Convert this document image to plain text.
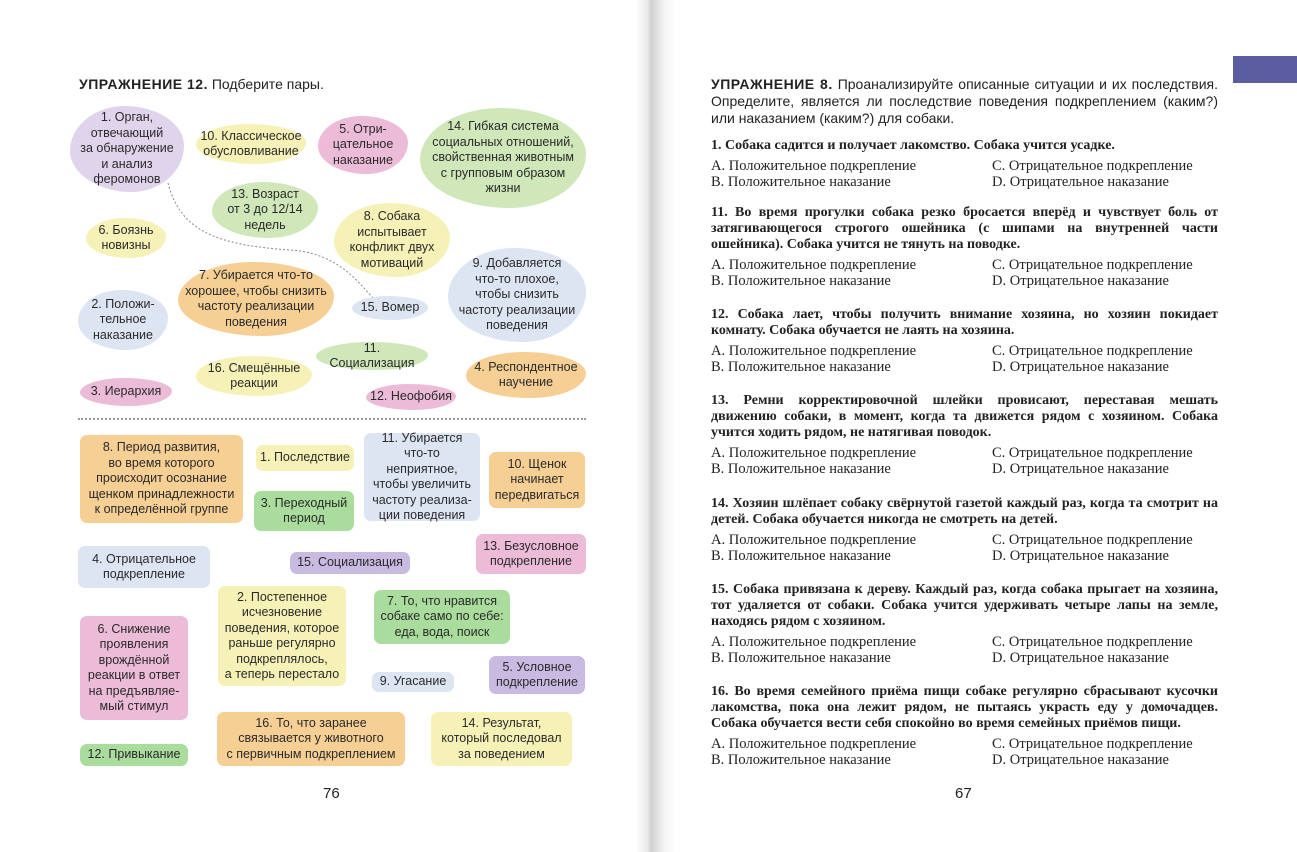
УПРАЖНЕНИЕ 12. Подберите пары.
1. Орган,
отвечающий
за обнаружение
и анализ
феромонов
10. Классическое
обусловливание
5. Отри-
цательное
наказание
14. Гибкая система
социальных отношений,
свойственная животным
с групповым образом
жизни
13. Возраст
от 3 до 12/14
недель
6. Боязнь
новизны
8. Собака
испытывает
конфликт двух
мотиваций	9. Добавляется
что-то плохое,
чтобы снизить
частоту реализации
поведения
7. Убирается что-то
хорошее, чтобы снизить
частоту реализации
поведения
2. Положи-
тельное
наказание
15. Вомер
11. Социализация
16. Смещённые
реакции
4. Респондентное
научение
3. Иерархия	12. Неофобия
8. Период развития,
во время которого
происходит осознание
щенком принадлежности
к определённой группе
1. Последствие
11. Убирается
что-то неприятное,
чтобы увеличить
частоту реализа-
ции поведения
10. Щенок
начинает
передвигаться
3. Переходный
период
4. Отрицательное
подкрепление
15. Социализация
13. Безусловное
подкрепление
2. Постепенное
исчезновение
поведения, которое
раньше регулярно
подкреплялось,
а теперь перестало
7. То, что нравится
собаке само по себе:
еда, вода, поиск
6. Снижение
проявления
врождённой
реакции в ответ
на предъявляе-
мый стимул
9. Угасание
5. Условное
подкрепление
16. То, что заранее
связывается у животного
с первичным подкреплением
14. Результат,
который последовал
за поведением
12. Привыкание
76
УПРАЖНЕНИЕ 8. Проанализируйте описанные ситуации и их последствия. Определите, является ли последствие поведения подкреплением (каким?) или наказанием (каким?) для собаки.
1. Собака садится и получает лакомство. Собака учится усадке.
A. Положительное подкрепление	C. Отрицательное подкрепление
B. Положительное наказание	D. Отрицательное наказание
11. Во время прогулки собака резко бросается вперёд и чувствует боль от затягивающегося строгого ошейника (с шипами на внутренней части ошейника). Собака учится не тянуть на поводке.
A. Положительное подкрепление	C. Отрицательное подкрепление
B. Положительное наказание	D. Отрицательное наказание
12. Собака лает, чтобы получить внимание хозяина, но хозяин покидает комнату. Собака обучается не лаять на хозяина.
A. Положительное подкрепление	C. Отрицательное подкрепление
B. Положительное наказание	D. Отрицательное наказание
13. Ремни корректировочной шлейки провисают, переставая мешать движению собаки, в момент, когда та движется рядом с хозяином. Собака учится ходить рядом, не натягивая поводок.
A. Положительное подкрепление	C. Отрицательное подкрепление
B. Положительное наказание	D. Отрицательное наказание
14. Хозяин шлёпает собаку свёрнутой газетой каждый раз, когда та смотрит на детей. Собака обучается никогда не смотреть на детей.
A. Положительное подкрепление	C. Отрицательное подкрепление
B. Положительное наказание	D. Отрицательное наказание
15. Собака привязана к дереву. Каждый раз, когда собака прыгает на хозяина, тот удаляется от собаки. Собака учится удерживать четыре лапы на земле, находясь рядом с хозяином.
A. Положительное подкрепление	C. Отрицательное подкрепление
B. Положительное наказание	D. Отрицательное наказание
16. Во время семейного приёма пищи собаке регулярно сбрасывают кусочки лакомства, пока она лежит рядом, не пытаясь украсть еду у домочадцев. Собака обучается вести себя спокойно во время семейных приёмов пищи.
A. Положительное подкрепление	C. Отрицательное подкрепление
B. Положительное наказание	D. Отрицательное наказание
67
